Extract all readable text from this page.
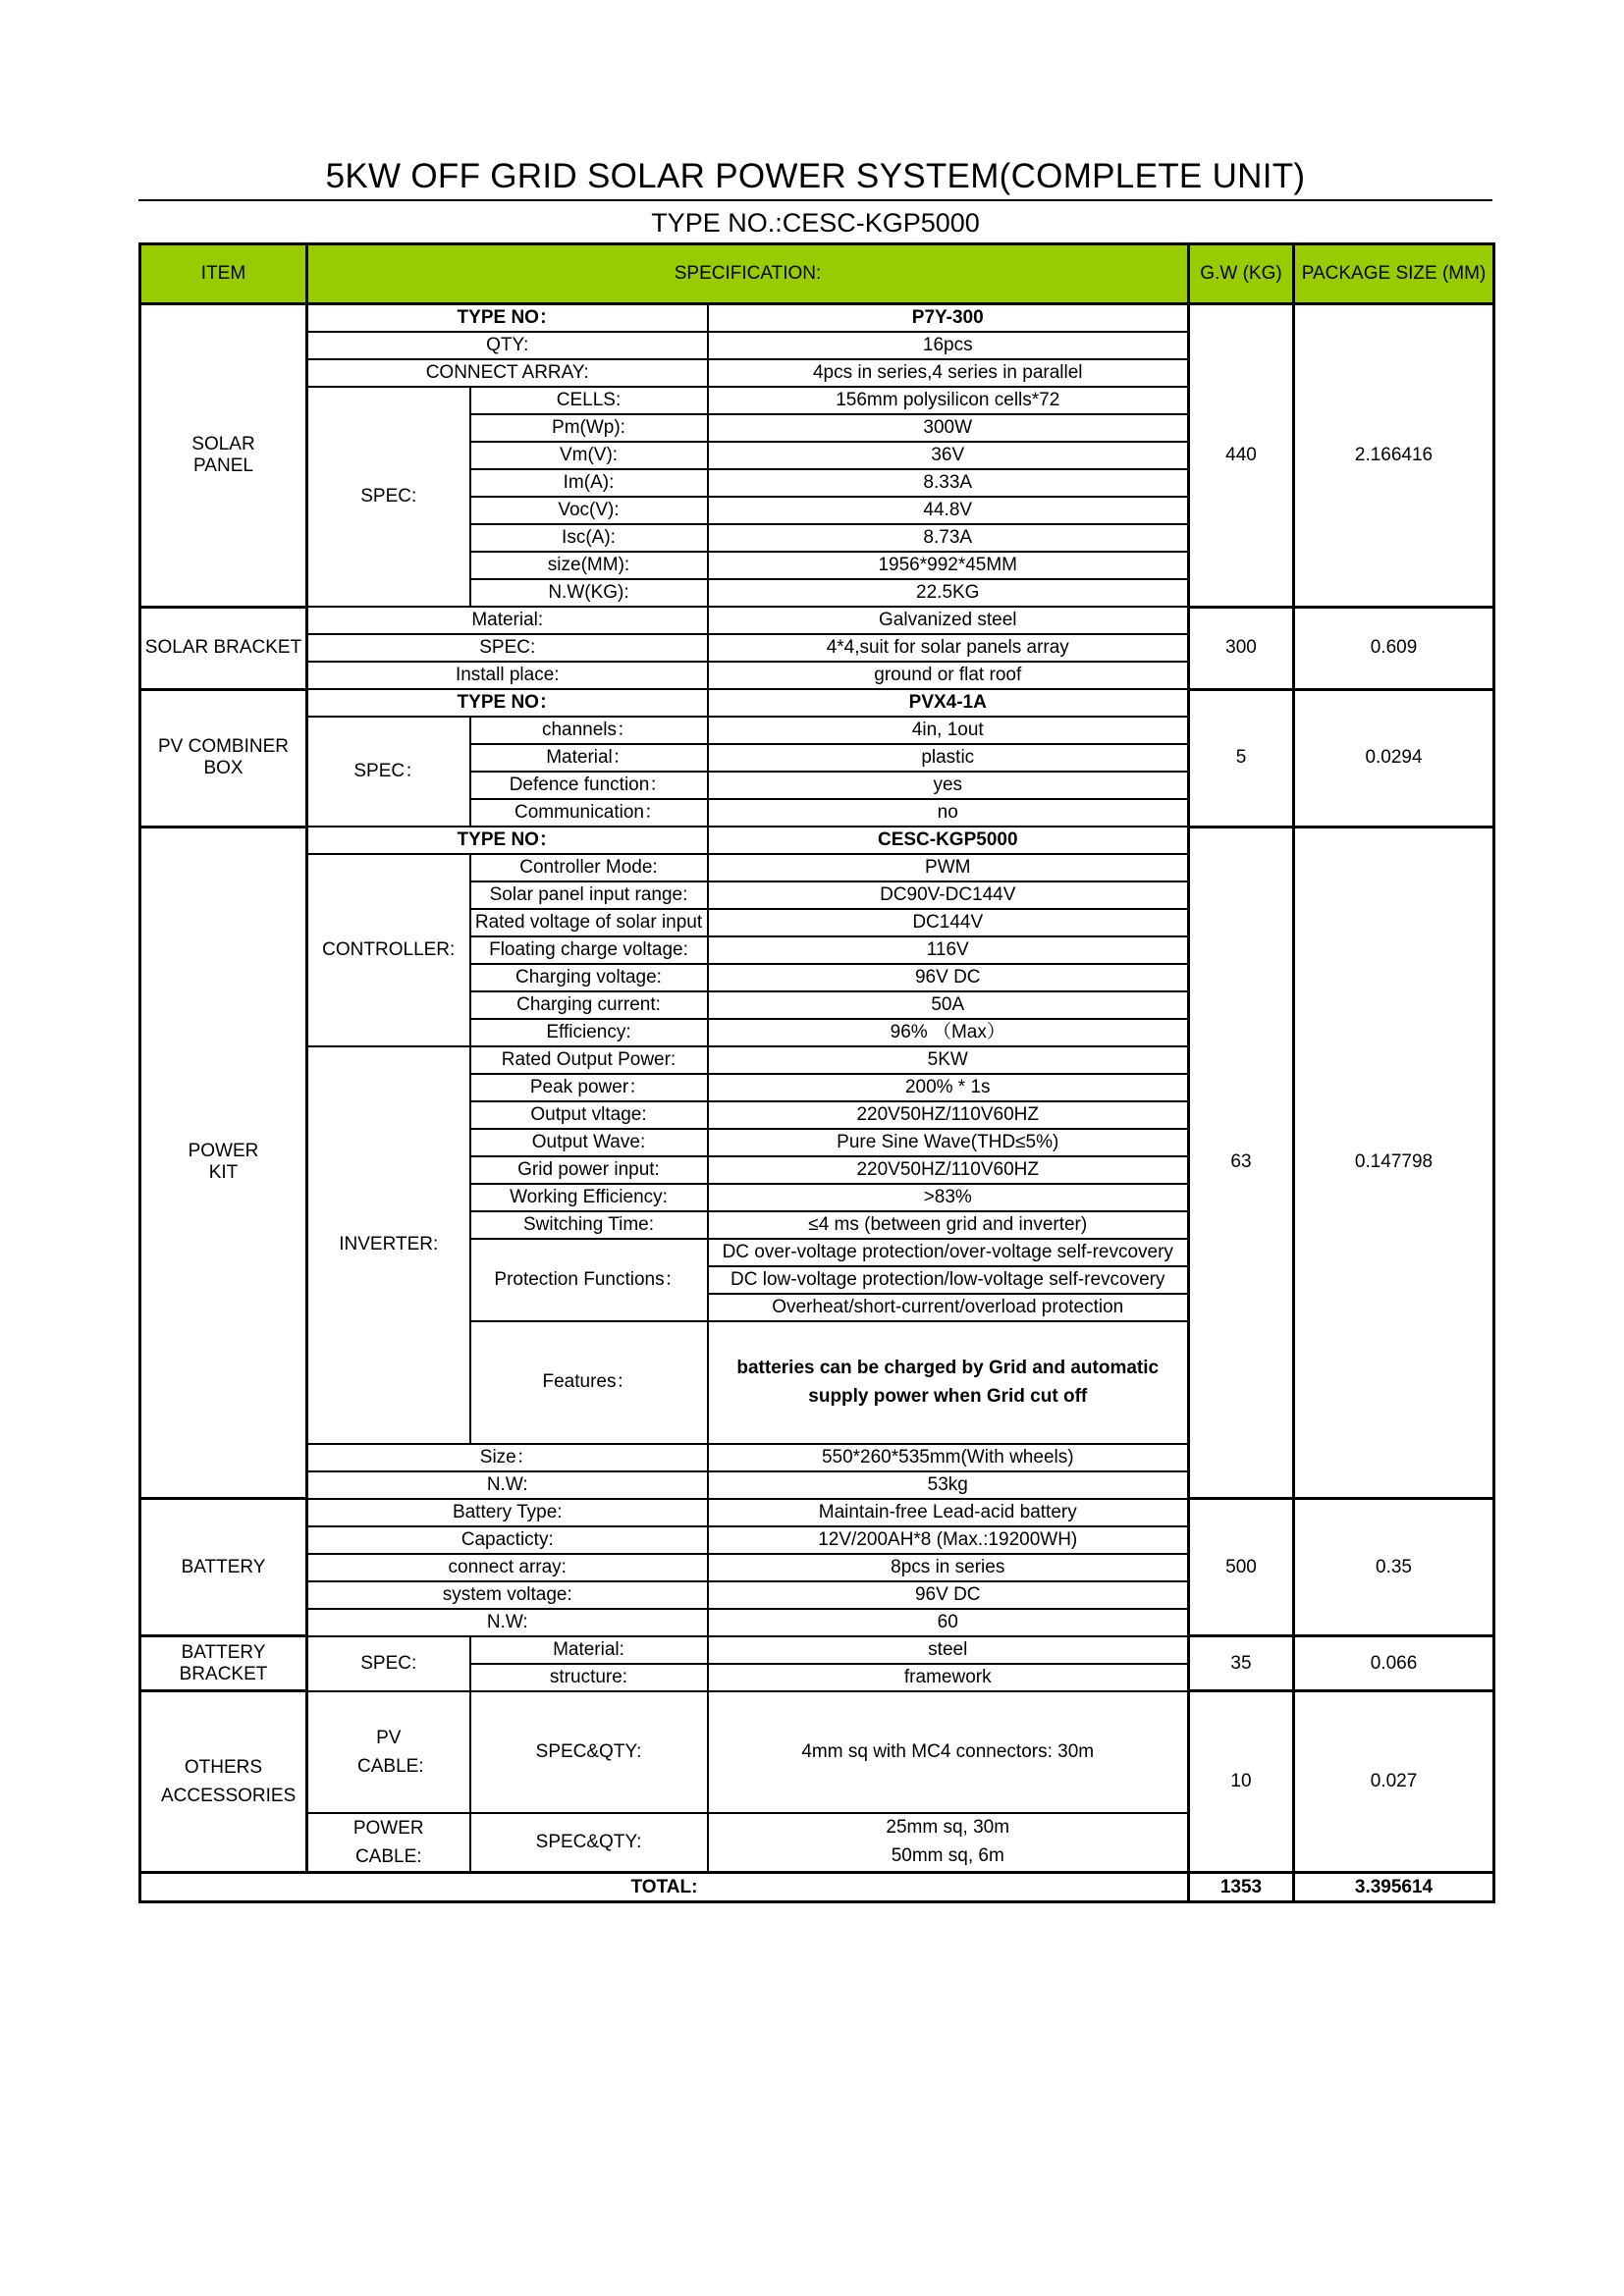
5KW OFF GRID SOLAR POWER SYSTEM(COMPLETE UNIT)
TYPE NO.:CESC-KGP5000
ITEM	SPECIFICATION:			G.W (KG)	PACKAGE SIZE (MM)
SOLAR PANEL	TYPE NO：		P7Y-300	440	2.166416
	QTY:		16pcs		
	CONNECT ARRAY:		4pcs in series,4 series in parallel		
	SPEC:	CELLS:	156mm polysilicon cells*72		
		Pm(Wp):	300W		
		Vm(V):	36V		
		Im(A):	8.33A		
		Voc(V):	44.8V		
		Isc(A):	8.73A		
		size(MM):	1956*992*45MM		
		N.W(KG):	22.5KG		
SOLAR BRACKET	Material:		Galvanized steel	300	0.609
	SPEC:		4*4,suit for solar panels array		
	Install place:		ground or flat roof		
PV COMBINER BOX	TYPE NO：		PVX4-1A	5	0.0294
	SPEC：	channels：	4in, 1out		
		Material：	plastic		
		Defence function：	yes		
		Communication：	no		
POWER KIT	TYPE NO：		CESC-KGP5000	63	0.147798
	CONTROLLER:	Controller Mode:	PWM		
		Solar panel input range:	DC90V-DC144V		
		Rated voltage of solar input	DC144V		
		Floating charge voltage:	116V		
		Charging voltage:	96V DC		
		Charging current:	50A		
		Efficiency:	96% （Max）		
	INVERTER:	Rated Output Power:	5KW		
		Peak power：	200% * 1s		
		Output vltage:	220V50HZ/110V60HZ		
		Output Wave:	Pure Sine Wave(THD≤5%)		
		Grid power input:	220V50HZ/110V60HZ		
		Working Efficiency:	>83%		
		Switching Time:	≤4 ms (between grid and inverter)		
		Protection Functions：	DC over-voltage protection/over-voltage self-revcovery		
			DC low-voltage protection/low-voltage self-revcovery		
			Overheat/short-current/overload protection		
		Features：	batteries can be charged by Grid and automatic supply power when Grid cut off		

	Size：		550*260*535mm(With wheels)		
	N.W:		53kg		
BATTERY	Battery Type:		Maintain-free Lead-acid battery	500	0.35
	Capacticty:		12V/200AH*8 (Max.:19200WH)		
	connect array:		8pcs in series		
	system voltage:		96V DC		
	N.W:		60		
BATTERY BRACKET	SPEC:	Material:	steel	35	0.066
		structure:	framework		
OTHERS ACCESSORIES	PV CABLE:	SPEC&QTY:	4mm sq with MC4 connectors: 30m	10	0.027

	POWER CABLE:	SPEC&QTY:	25mm sq, 30m		
			50mm sq, 6m		
TOTAL:				1353	3.395614
